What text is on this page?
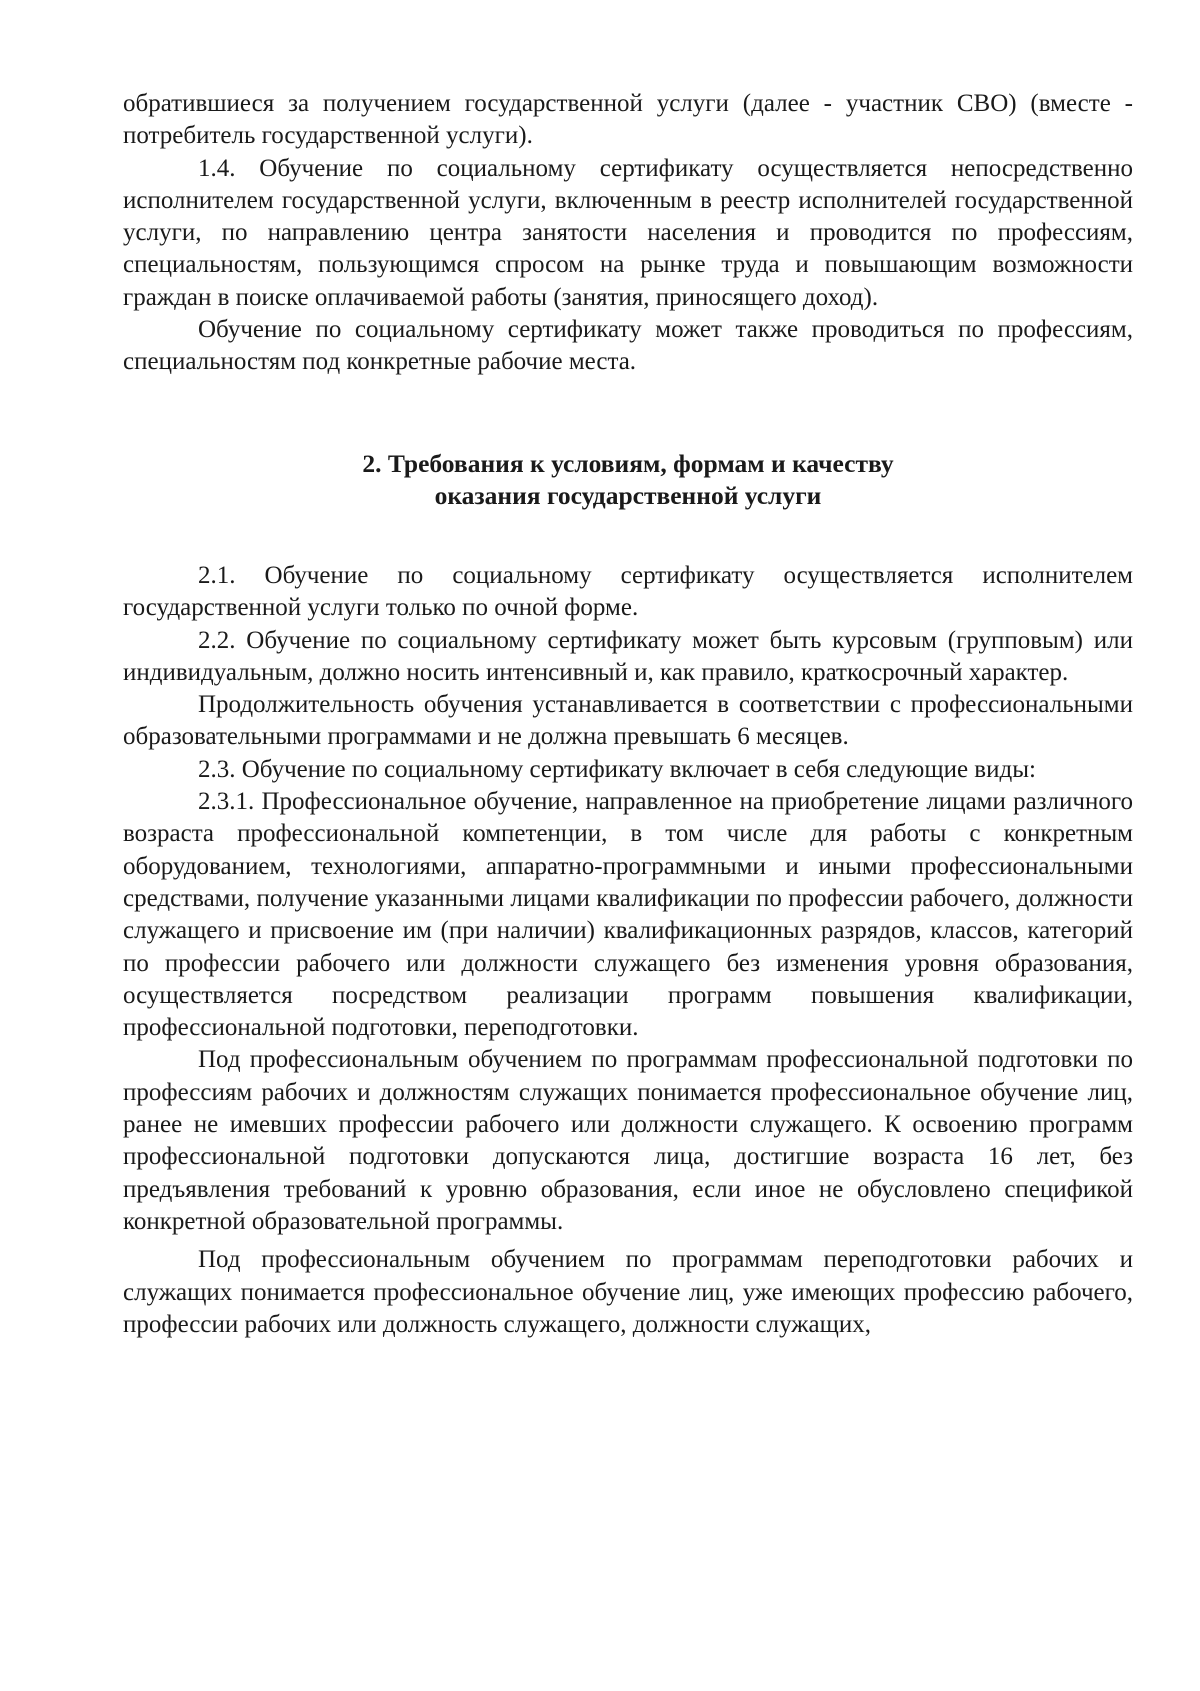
обратившиеся за получением государственной услуги (далее - участник СВО) (вместе - потребитель государственной услуги).

1.4. Обучение по социальному сертификату осуществляется непосредственно исполнителем государственной услуги, включенным в реестр исполнителей государственной услуги, по направлению центра занятости населения и проводится по профессиям, специальностям, пользующимся спросом на рынке труда и повышающим возможности граждан в поиске оплачиваемой работы (занятия, приносящего доход).

Обучение по социальному сертификату может также проводиться по профессиям, специальностям под конкретные рабочие места.

2. Требования к условиям, формам и качеству
оказания государственной услуги

2.1. Обучение по социальному сертификату осуществляется исполнителем государственной услуги только по очной форме.

2.2. Обучение по социальному сертификату может быть курсовым (групповым) или индивидуальным, должно носить интенсивный и, как правило, краткосрочный характер.

Продолжительность обучения устанавливается в соответствии с профессиональными образовательными программами и не должна превышать 6 месяцев.

2.3. Обучение по социальному сертификату включает в себя следующие виды:

2.3.1. Профессиональное обучение, направленное на приобретение лицами различного возраста профессиональной компетенции, в том числе для работы с конкретным оборудованием, технологиями, аппаратно-программными и иными профессиональными средствами, получение указанными лицами квалификации по профессии рабочего, должности служащего и присвоение им (при наличии) квалификационных разрядов, классов, категорий по профессии рабочего или должности служащего без изменения уровня образования, осуществляется посредством реализации программ повышения квалификации, профессиональной подготовки, переподготовки.

Под профессиональным обучением по программам профессиональной подготовки по профессиям рабочих и должностям служащих понимается профессиональное обучение лиц, ранее не имевших профессии рабочего или должности служащего. К освоению программ профессиональной подготовки допускаются лица, достигшие возраста 16 лет, без предъявления требований к уровню образования, если иное не обусловлено спецификой конкретной образовательной программы.

Под профессиональным обучением по программам переподготовки рабочих и служащих понимается профессиональное обучение лиц, уже имеющих профессию рабочего, профессии рабочих или должность служащего, должности служащих,
